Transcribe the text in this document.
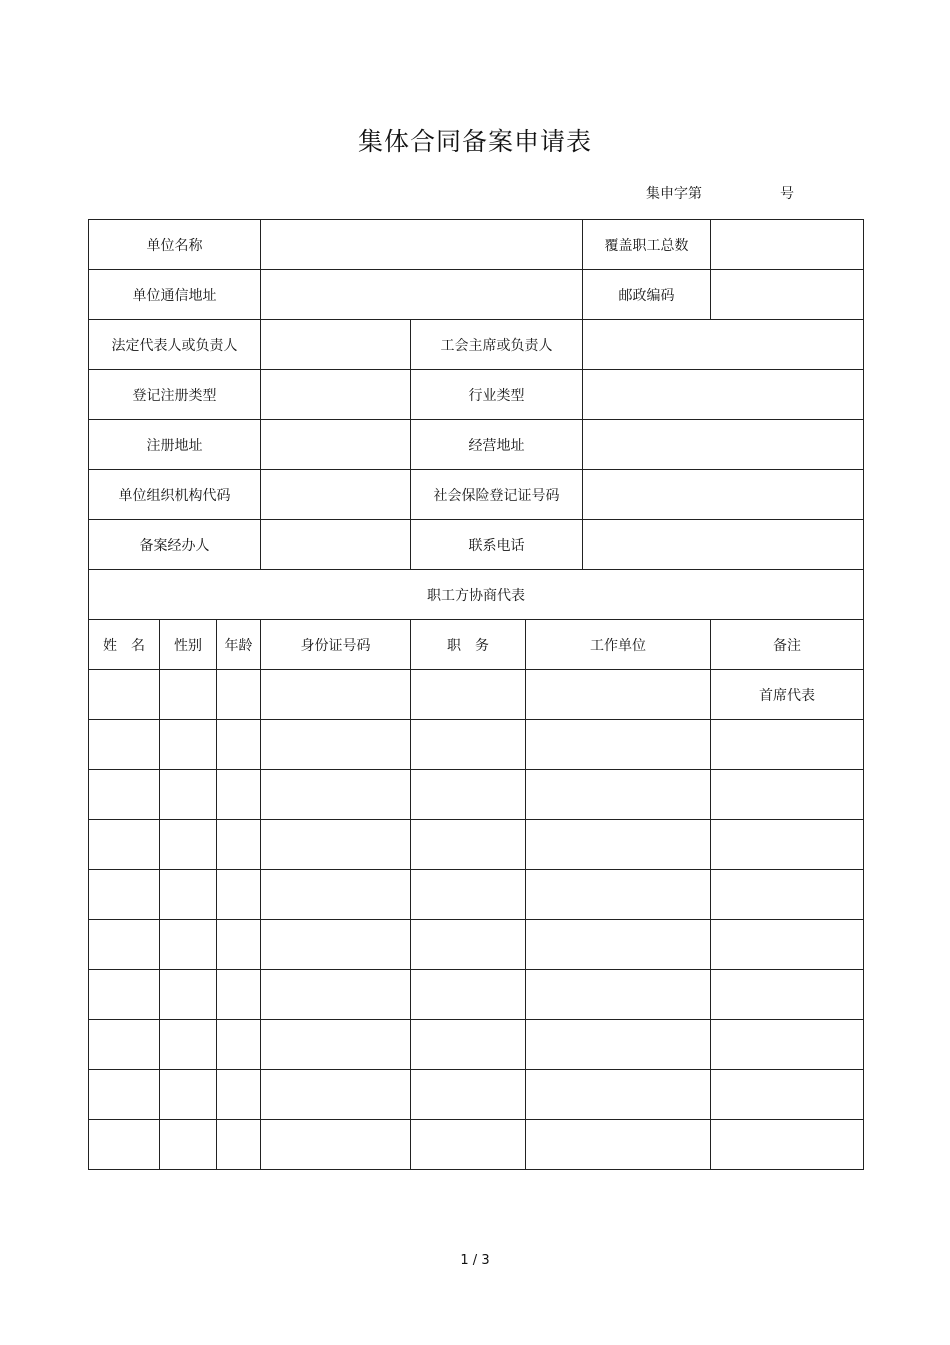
集体合同备案申请表
集申字第	号
单位名称						覆盖职工总数	
单位通信地址						邮政编码	
法定代表人或负责人				工会主席或负责人			
登记注册类型				行业类型			
注册地址				经营地址			
单位组织机构代码				社会保险登记证号码			
备案经办人				联系电话			
职工方协商代表							
姓　名	性别	年龄	身份证号码	职　务	工作单位		备注
							首席代表

1 / 3
